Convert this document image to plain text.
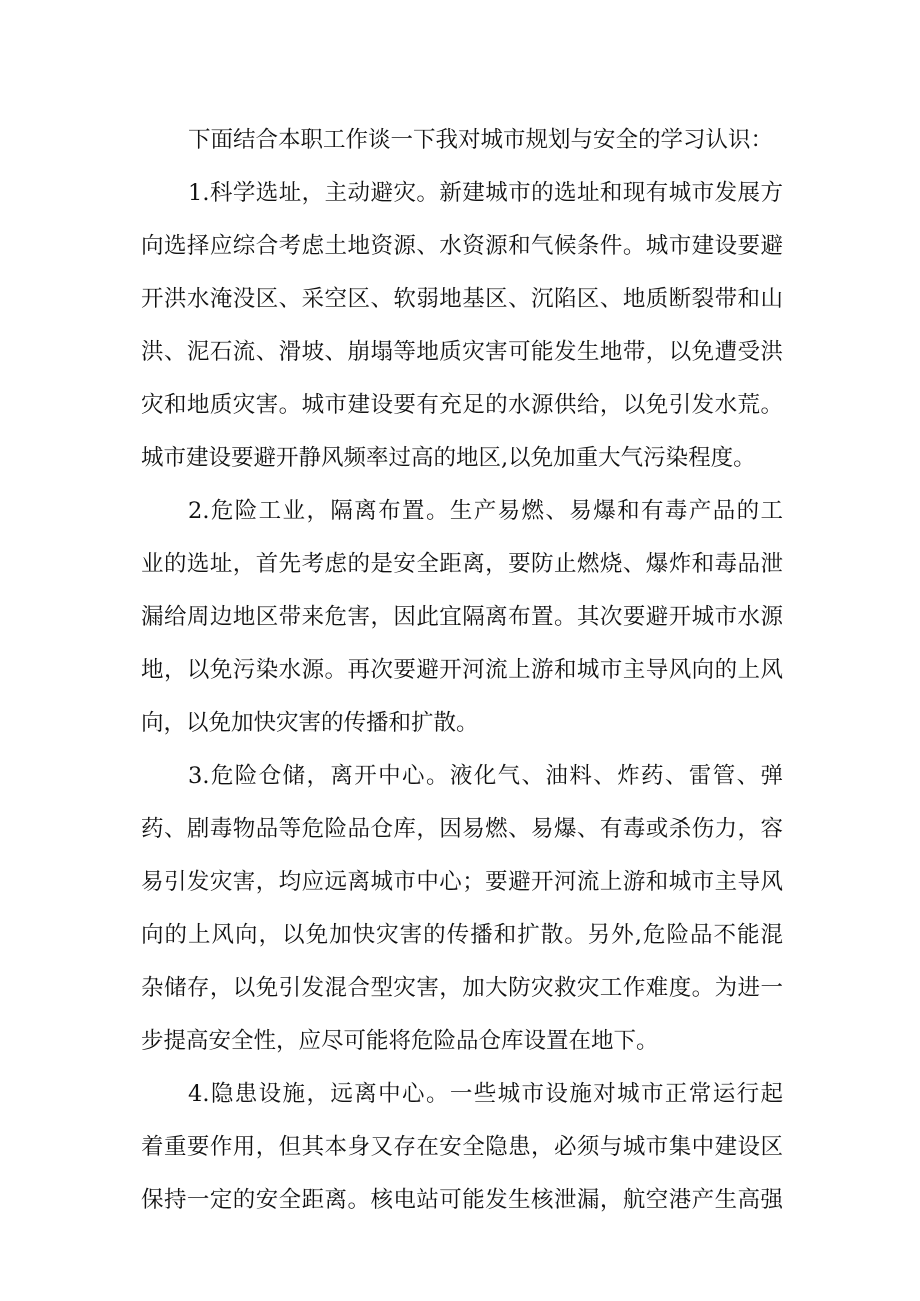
下面结合本职工作谈一下我对城市规划与安全的学习认识：
1.科学选址，主动避灾。新建城市的选址和现有城市发展方
向选择应综合考虑土地资源、水资源和气候条件。城市建设要避
开洪水淹没区、采空区、软弱地基区、沉陷区、地质断裂带和山
洪、泥石流、滑坡、崩塌等地质灾害可能发生地带，以免遭受洪
灾和地质灾害。城市建设要有充足的水源供给，以免引发水荒。
城市建设要避开静风频率过高的地区,以免加重大气污染程度。
2.危险工业，隔离布置。生产易燃、易爆和有毒产品的工
业的选址，首先考虑的是安全距离，要防止燃烧、爆炸和毒品泄
漏给周边地区带来危害，因此宜隔离布置。其次要避开城市水源
地，以免污染水源。再次要避开河流上游和城市主导风向的上风
向，以免加快灾害的传播和扩散。
3.危险仓储，离开中心。液化气、油料、炸药、雷管、弹
药、剧毒物品等危险品仓库，因易燃、易爆、有毒或杀伤力，容
易引发灾害，均应远离城市中心；要避开河流上游和城市主导风
向的上风向，以免加快灾害的传播和扩散。另外,危险品不能混
杂储存，以免引发混合型灾害，加大防灾救灾工作难度。为进一
步提高安全性，应尽可能将危险品仓库设置在地下。
4.隐患设施，远离中心。一些城市设施对城市正常运行起
着重要作用，但其本身又存在安全隐患，必须与城市集中建设区
保持一定的安全距离。核电站可能发生核泄漏，航空港产生高强
